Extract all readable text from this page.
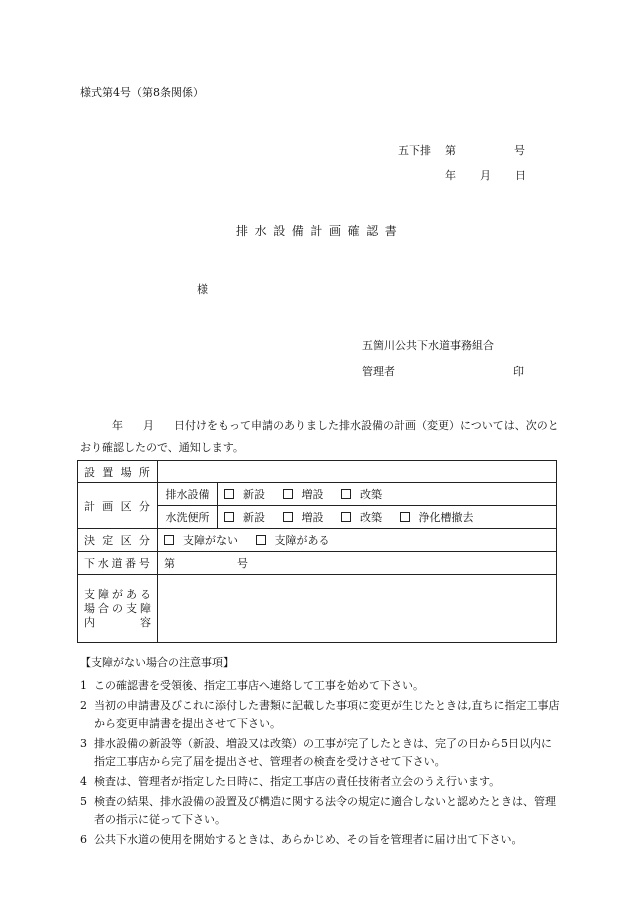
様式第4号（第8条関係）
五下排 第	号
年 月 日
排水設備計画確認書
様
五箇川公共下水道事務組合
管理者	印
年 月 日付けをもって申請のありました排水設備の計画（変更）については、次のとおり確認したので、通知します。
設置場所		
計画区分	排水設備	新設 増設 改築
	水洗便所	新設 増設 改築 浄化槽撤去
決定区分	支障がない 支障がある	
下水道番号	第 号	

支障がある
場合の支障
内容		

【支障がない場合の注意事項】
1 この確認書を受領後、指定工事店へ連絡して工事を始めて下さい。
2 当初の申請書及びこれに添付した書類に記載した事項に変更が生じたときは,直ちに指定工事店から変更申請書を提出させて下さい。
3 排水設備の新設等（新設、増設又は改築）の工事が完了したときは、完了の日から5日以内に指定工事店から完了届を提出させ、管理者の検査を受けさせて下さい。
4 検査は、管理者が指定した日時に、指定工事店の責任技術者立会のうえ行います。
5 検査の結果、排水設備の設置及び構造に関する法令の規定に適合しないと認めたときは、管理者の指示に従って下さい。
6 公共下水道の使用を開始するときは、あらかじめ、その旨を管理者に届け出て下さい。
